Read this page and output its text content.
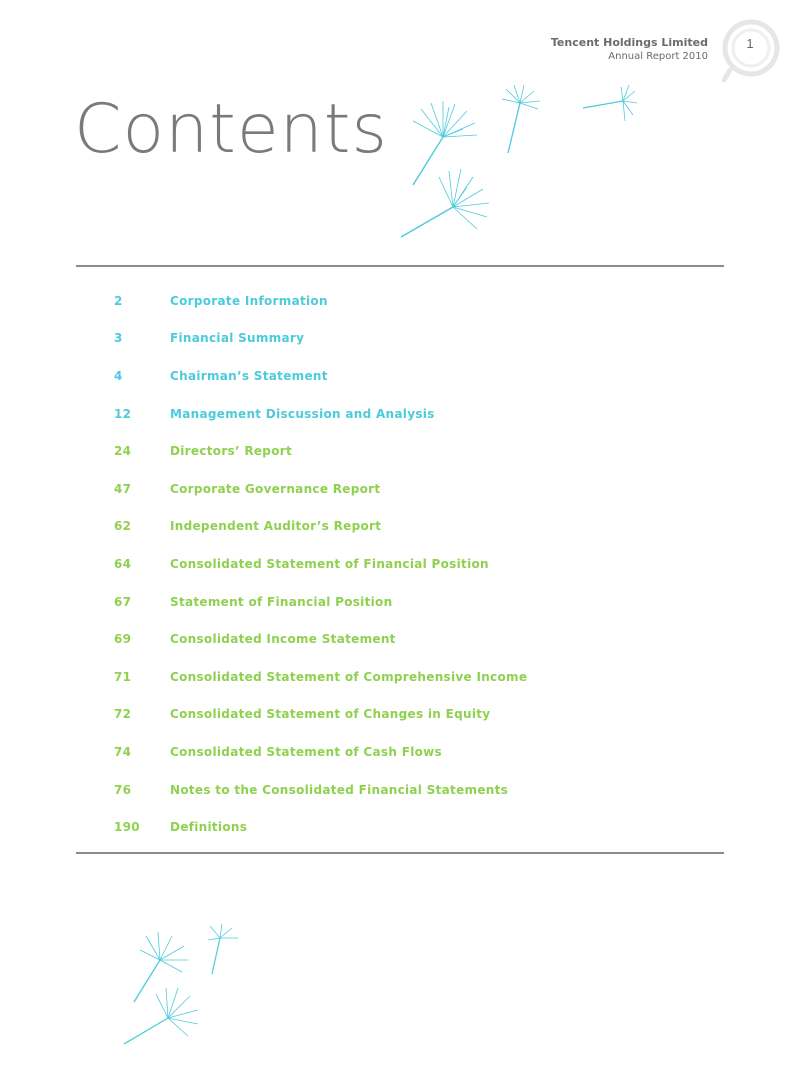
Tencent Holdings Limited
Annual Report 2010
1
Contents
2	Corporate Information
3	Financial Summary
4	Chairman’s Statement
12	Management Discussion and Analysis
24	Directors’ Report
47	Corporate Governance Report
62	Independent Auditor’s Report
64	Consolidated Statement of Financial Position
67	Statement of Financial Position
69	Consolidated Income Statement
71	Consolidated Statement of Comprehensive Income
72	Consolidated Statement of Changes in Equity
74	Consolidated Statement of Cash Flows
76	Notes to the Consolidated Financial Statements
190	Definitions
